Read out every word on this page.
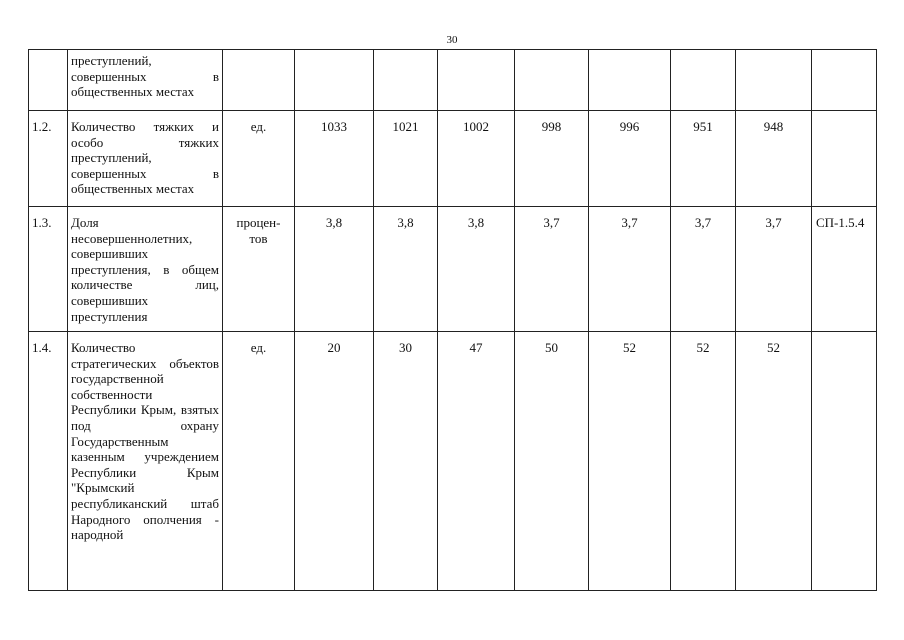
30

	преступлений, совершенных в общественных местах									

1.2.	Количество тяжких и особо тяжких преступлений, совершенных в общественных местах	ед.	1033	1021	1002	998	996	951	948	
1.3.	Доля несовершеннолетних, совершивших преступления, в общем количестве лиц, совершивших преступления	процен- тов	3,8	3,8	3,8	3,7	3,7	3,7	3,7	СП-1.5.4
1.4.	Количество стратегических объектов государственной собственности Республики Крым, взятых под охрану Государственным казенным учреждением Республики Крым "Крымский республиканский штаб Народного ополчения - народной	ед.	20	30	47	50	52	52	52	
